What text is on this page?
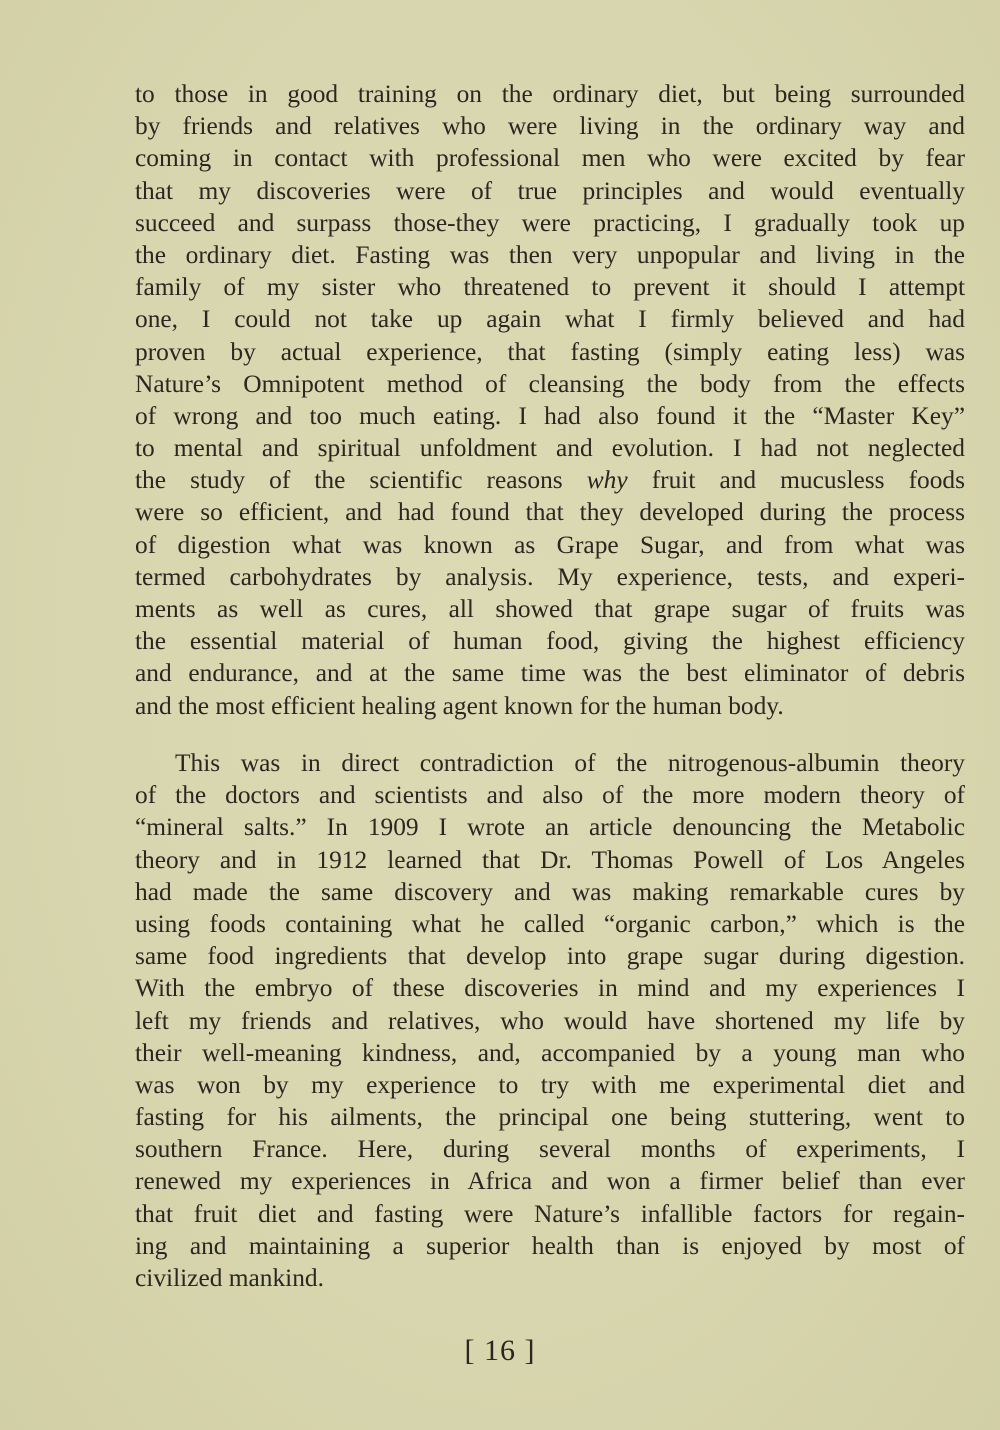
to those in good training on the ordinary diet, but being surrounded
by friends and relatives who were living in the ordinary way and
coming in contact with professional men who were excited by fear
that my discoveries were of true principles and would eventually
succeed and surpass those-they were practicing, I gradually took up
the ordinary diet. Fasting was then very unpopular and living in the
family of my sister who threatened to prevent it should I attempt
one, I could not take up again what I firmly believed and had
proven by actual experience, that fasting (simply eating less) was
Nature’s Omnipotent method of cleansing the body from the effects
of wrong and too much eating. I had also found it the “Master Key”
to mental and spiritual unfoldment and evolution. I had not neglected
the study of the scientific reasons why fruit and mucusless foods
were so efficient, and had found that they developed during the process
of digestion what was known as Grape Sugar, and from what was
termed carbohydrates by analysis. My experience, tests, and experi-
ments as well as cures, all showed that grape sugar of fruits was
the essential material of human food, giving the highest efficiency
and endurance, and at the same time was the best eliminator of debris
and the most efficient healing agent known for the human body.
This was in direct contradiction of the nitrogenous-albumin theory
of the doctors and scientists and also of the more modern theory of
“mineral salts.” In 1909 I wrote an article denouncing the Metabolic
theory and in 1912 learned that Dr. Thomas Powell of Los Angeles
had made the same discovery and was making remarkable cures by
using foods containing what he called “organic carbon,” which is the
same food ingredients that develop into grape sugar during digestion.
With the embryo of these discoveries in mind and my experiences I
left my friends and relatives, who would have shortened my life by
their well-meaning kindness, and, accompanied by a young man who
was won by my experience to try with me experimental diet and
fasting for his ailments, the principal one being stuttering, went to
southern France. Here, during several months of experiments, I
renewed my experiences in Africa and won a firmer belief than ever
that fruit diet and fasting were Nature’s infallible factors for regain-
ing and maintaining a superior health than is enjoyed by most of
civilized mankind.
[ 16 ]
